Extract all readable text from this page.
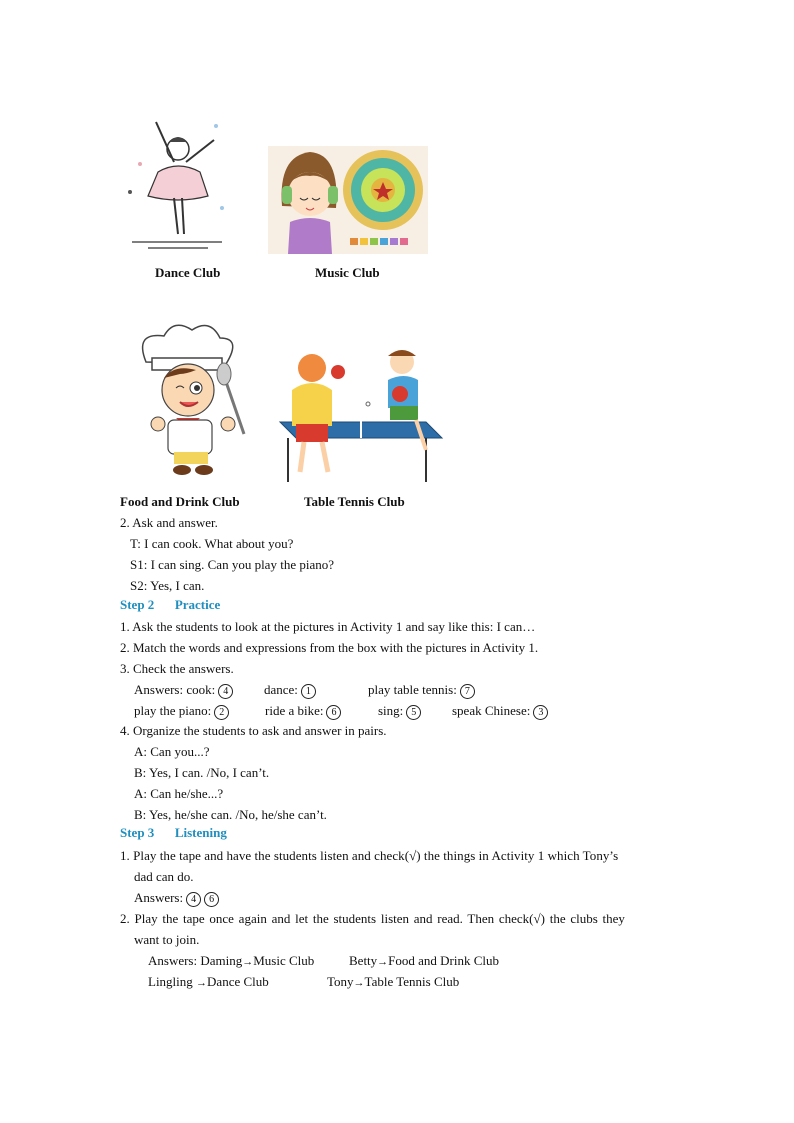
Dance Club	Music Club
Food and Drink Club	Table Tennis Club
2. Ask and answer.
T: I can cook. What about you?
S1: I can sing. Can you play the piano?
S2: Yes, I can.
Step 2 Practice
1. Ask the students to look at the pictures in Activity 1 and say like this: I can…
2. Match the words and expressions from the box with the pictures in Activity 1.
3. Check the answers.
Answers: cook: 4	dance: 1	play table tennis: 7
play the piano: 2	ride a bike: 6	sing: 5	speak Chinese: 3
4. Organize the students to ask and answer in pairs.
A: Can you...?
B: Yes, I can. /No, I can’t.
A: Can he/she...?
B: Yes, he/she can. /No, he/she can’t.
Step 3 Listening
1. Play the tape and have the students listen and check(√) the things in Activity 1 which Tony’s
dad can do.
Answers: 4 6
2. Play the tape once again and let the students listen and read. Then check(√) the clubs they
want to join.
Answers: Daming→Music Club	Betty→Food and Drink Club
Lingling →Dance Club	Tony→Table Tennis Club
